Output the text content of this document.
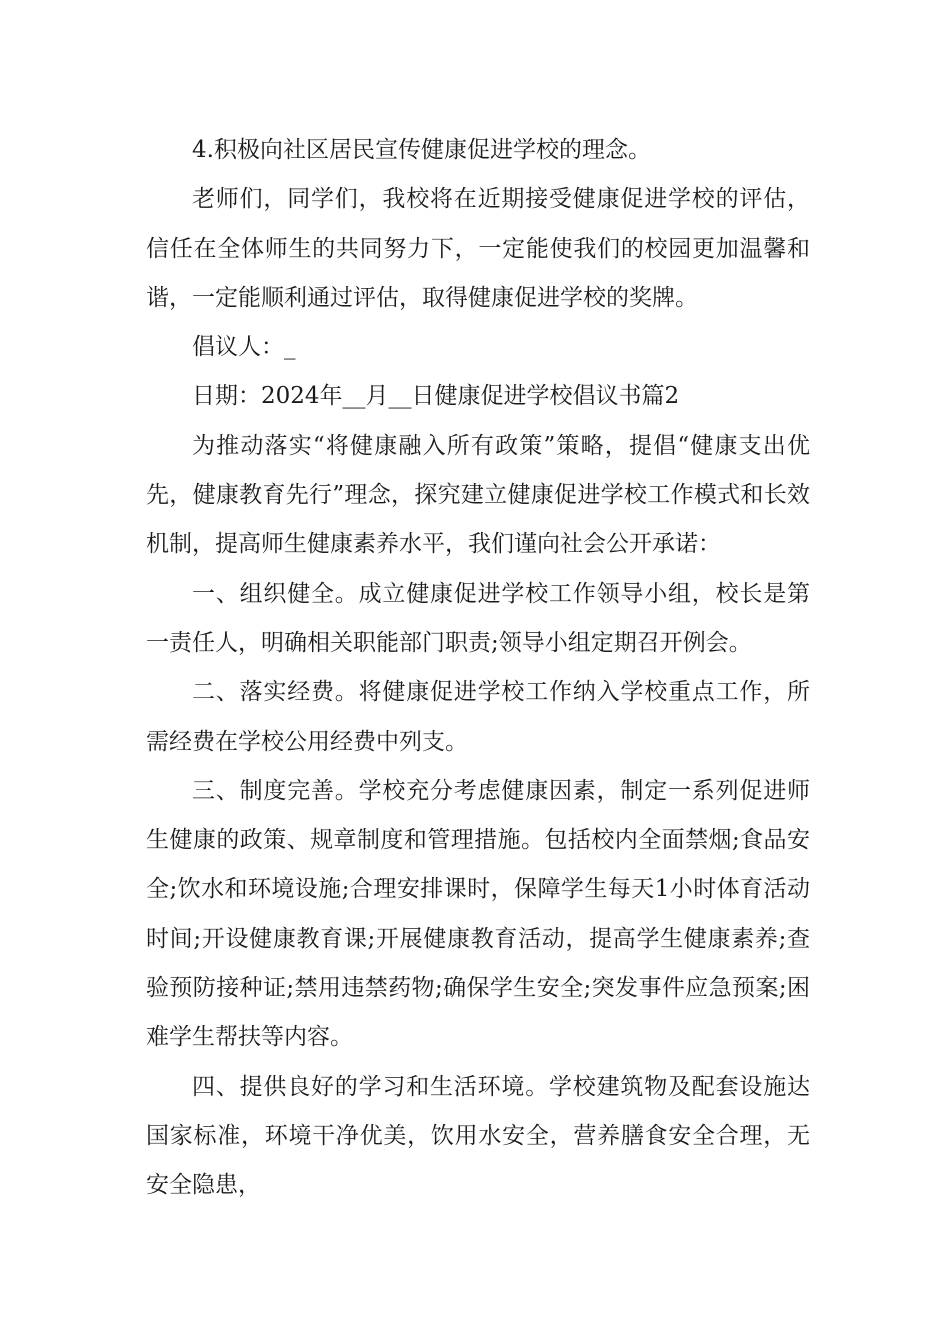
4.积极向社区居民宣传健康促进学校的理念。

老师们，同学们，我校将在近期接受健康促进学校的评估，信任在全体师生的共同努力下，一定能使我们的校园更加温馨和谐，一定能顺利通过评估，取得健康促进学校的奖牌。

倡议人：_

日期：2024年__月__日健康促进学校倡议书篇2

为推动落实“将健康融入所有政策”策略，提倡“健康支出优先，健康教育先行”理念，探究建立健康促进学校工作模式和长效机制，提高师生健康素养水平，我们谨向社会公开承诺：

一、组织健全。成立健康促进学校工作领导小组，校长是第一责任人，明确相关职能部门职责;领导小组定期召开例会。

二、落实经费。将健康促进学校工作纳入学校重点工作，所需经费在学校公用经费中列支。

三、制度完善。学校充分考虑健康因素，制定一系列促进师生健康的政策、规章制度和管理措施。包括校内全面禁烟;食品安全;饮水和环境设施;合理安排课时，保障学生每天1小时体育活动时间;开设健康教育课;开展健康教育活动，提高学生健康素养;查验预防接种证;禁用违禁药物;确保学生安全;突发事件应急预案;困难学生帮扶等内容。

四、提供良好的学习和生活环境。学校建筑物及配套设施达国家标准，环境干净优美，饮用水安全，营养膳食安全合理，无安全隐患，
